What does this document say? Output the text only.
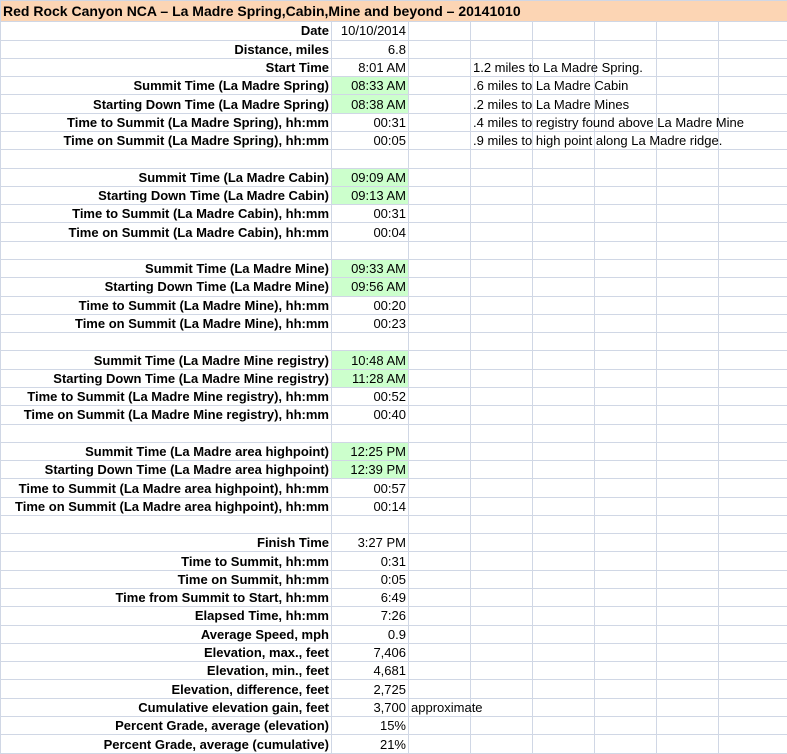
Red Rock Canyon NCA – La Madre Spring,Cabin,Mine and beyond – 20141010							
Date	10/10/2014						
Distance, miles	6.8						
Start Time	8:01 AM		1.2 miles to La Madre Spring.				
Summit Time (La Madre Spring)	08:33 AM		.6 miles to La Madre Cabin				
Starting Down Time (La Madre Spring)	08:38 AM		.2 miles to La Madre Mines				
Time to Summit (La Madre Spring), hh:mm	00:31		.4 miles to registry found above La Madre Mine				
Time on Summit (La Madre Spring), hh:mm	00:05		.9 miles to high point along La Madre ridge.				

Summit Time (La Madre Cabin)	09:09 AM						
Starting Down Time (La Madre Cabin)	09:13 AM						
Time to Summit (La Madre Cabin), hh:mm	00:31						
Time on Summit (La Madre Cabin), hh:mm	00:04						

Summit Time (La Madre Mine)	09:33 AM						
Starting Down Time (La Madre Mine)	09:56 AM						
Time to Summit (La Madre Mine), hh:mm	00:20						
Time on Summit (La Madre Mine), hh:mm	00:23						

Summit Time (La Madre Mine registry)	10:48 AM						
Starting Down Time (La Madre Mine registry)	11:28 AM						
Time to Summit (La Madre Mine registry), hh:mm	00:52						
Time on Summit (La Madre Mine registry), hh:mm	00:40						

Summit Time (La Madre area highpoint)	12:25 PM						
Starting Down Time (La Madre area highpoint)	12:39 PM						
Time to Summit (La Madre area highpoint), hh:mm	00:57						
Time on Summit (La Madre area highpoint), hh:mm	00:14						

Finish Time	3:27 PM						
Time to Summit, hh:mm	0:31						
Time on Summit, hh:mm	0:05						
Time from Summit to Start, hh:mm	6:49						
Elapsed Time, hh:mm	7:26						
Average Speed, mph	0.9						
Elevation, max., feet	7,406						
Elevation, min., feet	4,681						
Elevation, difference, feet	2,725						
Cumulative elevation gain, feet	3,700	approximate					
Percent Grade, average (elevation)	15%						
Percent Grade, average (cumulative)	21%						
